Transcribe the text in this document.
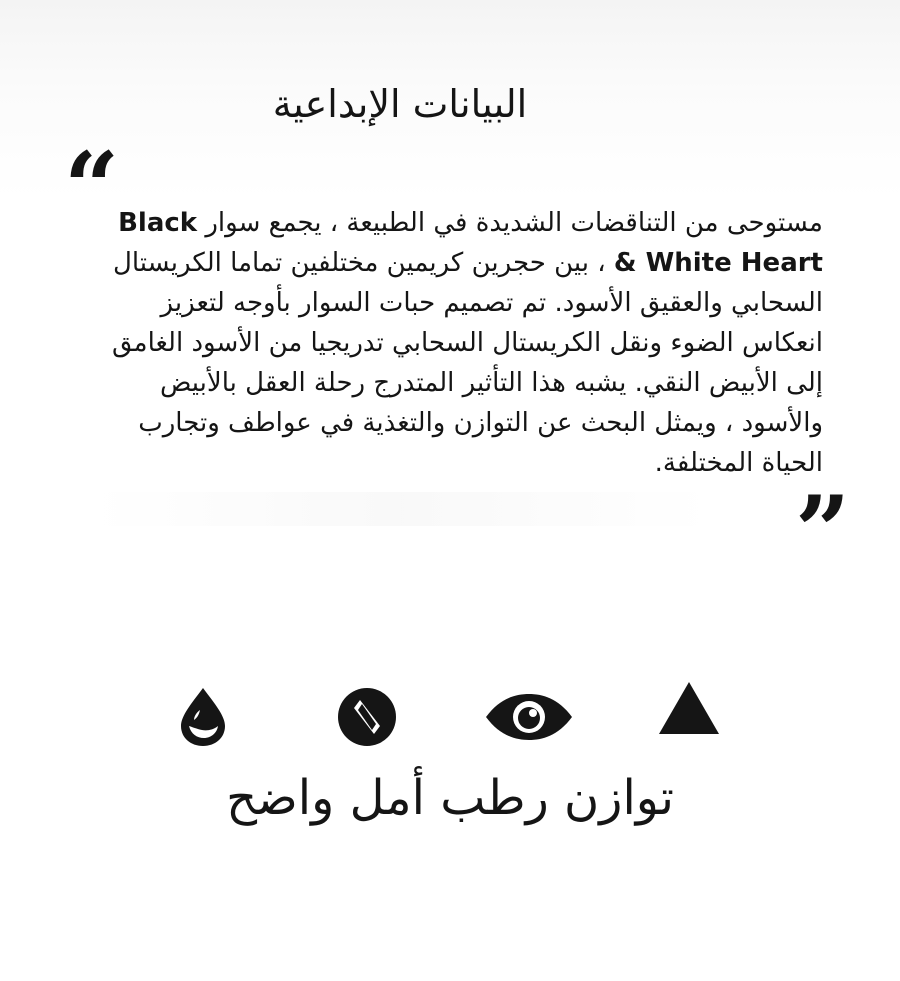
البيانات الإبداعية
“	مستوحى من التناقضات الشديدة في الطبيعة ، يجمع سوار Black & White Heart ، بين حجرين كريمين مختلفين تماما الكريستال السحابي والعقيق الأسود. تم تصميم حبات السوار بأوجه لتعزيز انعكاس الضوء ونقل الكريستال السحابي تدريجيا من الأسود الغامق إلى الأبيض النقي. يشبه هذا التأثير المتدرج رحلة العقل بالأبيض والأسود ، ويمثل البحث عن التوازن والتغذية في عواطف وتجارب الحياة المختلفة.

”
توازن رطب أمل واضح
